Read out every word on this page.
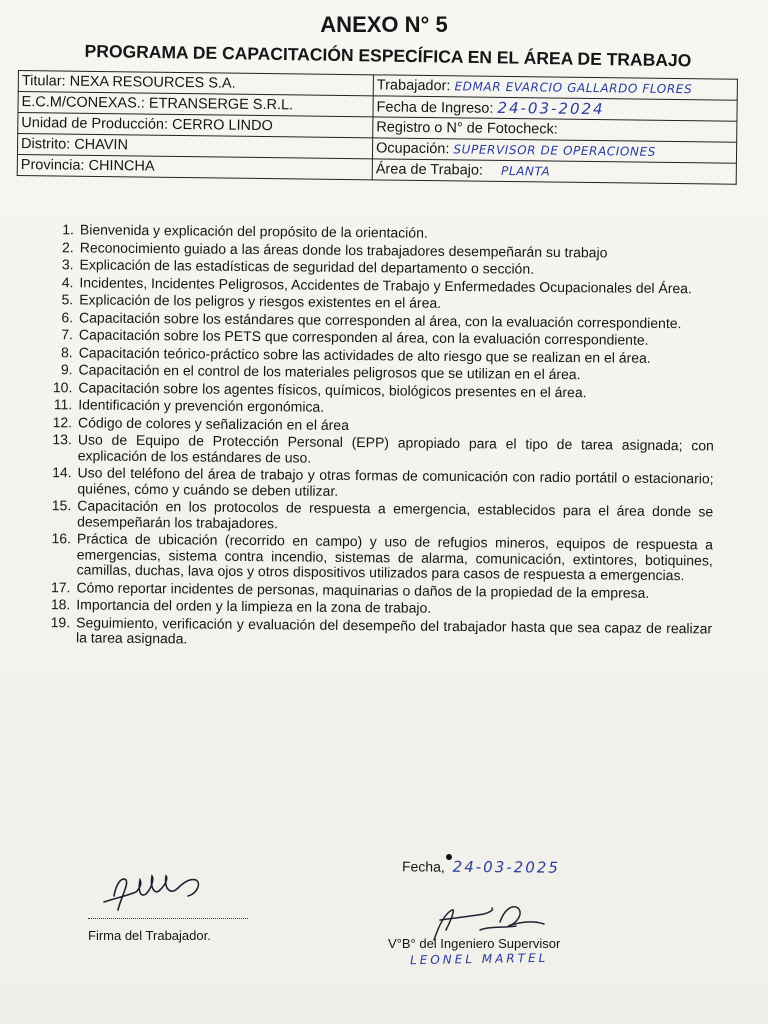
ANEXO N° 5
PROGRAMA DE CAPACITACIÓN ESPECÍFICA EN EL ÁREA DE TRABAJO
Titular: NEXA RESOURCES S.A.	Trabajador: EDMAR EVARCIO GALLARDO FLORES
E.C.M/CONEXAS.: ETRANSERGE S.R.L.	Fecha de Ingreso: 24-03-2024
Unidad de Producción: CERRO LINDO	Registro o N° de Fotocheck:
Distrito: CHAVIN	Ocupación: SUPERVISOR DE OPERACIONES
Provincia: CHINCHA	Área de Trabajo: PLANTA
1. Bienvenida y explicación del propósito de la orientación.
2. Reconocimiento guiado a las áreas donde los trabajadores desempeñarán su trabajo
3. Explicación de las estadísticas de seguridad del departamento o sección.
4. Incidentes, Incidentes Peligrosos, Accidentes de Trabajo y Enfermedades Ocupacionales del Área.
5. Explicación de los peligros y riesgos existentes en el área.
6. Capacitación sobre los estándares que corresponden al área, con la evaluación correspondiente.
7. Capacitación sobre los PETS que corresponden al área, con la evaluación correspondiente.
8. Capacitación teórico-práctico sobre las actividades de alto riesgo que se realizan en el área.
9. Capacitación en el control de los materiales peligrosos que se utilizan en el área.
10. Capacitación sobre los agentes físicos, químicos, biológicos presentes en el área.
11. Identificación y prevención ergonómica.
12. Código de colores y señalización en el área
13. Uso de Equipo de Protección Personal (EPP) apropiado para el tipo de tarea asignada; con explicación de los estándares de uso.
14. Uso del teléfono del área de trabajo y otras formas de comunicación con radio portátil o estacionario; quiénes, cómo y cuándo se deben utilizar.
15. Capacitación en los protocolos de respuesta a emergencia, establecidos para el área donde se desempeñarán los trabajadores.
16. Práctica de ubicación (recorrido en campo) y uso de refugios mineros, equipos de respuesta a emergencias, sistema contra incendio, sistemas de alarma, comunicación, extintores, botiquines, camillas, duchas, lava ojos y otros dispositivos utilizados para casos de respuesta a emergencias.
17. Cómo reportar incidentes de personas, maquinarias o daños de la propiedad de la empresa.
18. Importancia del orden y la limpieza en la zona de trabajo.
19. Seguimiento, verificación y evaluación del desempeño del trabajador hasta que sea capaz de realizar la tarea asignada.
Fecha, 24-03-2025
Firma del Trabajador.
V°B° del Ingeniero Supervisor
LEONEL MARTEL
